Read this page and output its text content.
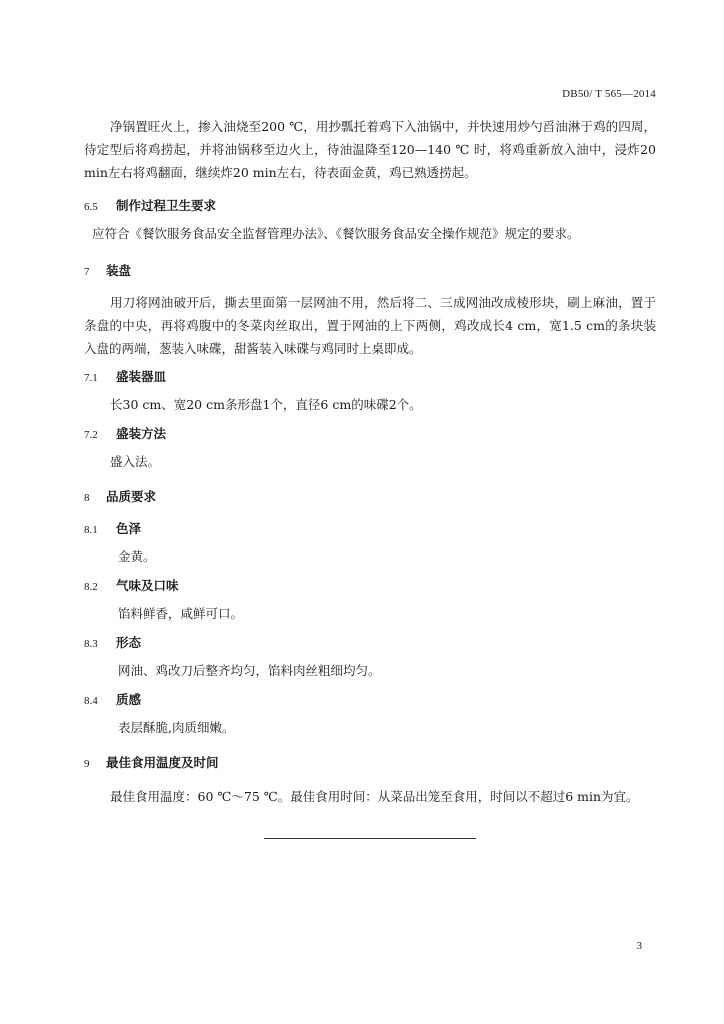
DB50/ T 565—2014

净锅置旺火上，掺入油烧至200 ℃，用抄瓢托着鸡下入油锅中，并快速用炒勺舀油淋于鸡的四周，待定型后将鸡捞起，并将油锅移至边火上，待油温降至120—140 ℃ 时，将鸡重新放入油中，浸炸20 min左右将鸡翻面，继续炸20 min左右，待表面金黄，鸡已熟透捞起。

6.5	制作过程卫生要求

应符合《餐饮服务食品安全监督管理办法》、《餐饮服务食品安全操作规范》规定的要求。

7	装盘

用刀将网油破开后，撕去里面第一层网油不用，然后将二、三成网油改成棱形块，刷上麻油，置于条盘的中央，再将鸡腹中的冬菜肉丝取出，置于网油的上下两侧，鸡改成长4 cm，宽1.5 cm的条块装入盘的两端，葱装入味碟，甜酱装入味碟与鸡同时上桌即成。

7.1	盛装器皿

长30 cm、宽20 cm条形盘1个，直径6 cm的味碟2个。

7.2	盛装方法

盛入法。

8	品质要求
8.1	色泽

金黄。

8.2	气味及口味

馅料鲜香，咸鲜可口。

8.3	形态

网油、鸡改刀后整齐均匀，馅料肉丝粗细均匀。

8.4	质感

表层酥脆,肉质细嫩。

9	最佳食用温度及时间

最佳食用温度：60 ℃～75 ℃。最佳食用时间：从菜品出笼至食用，时间以不超过6 min为宜。

3
